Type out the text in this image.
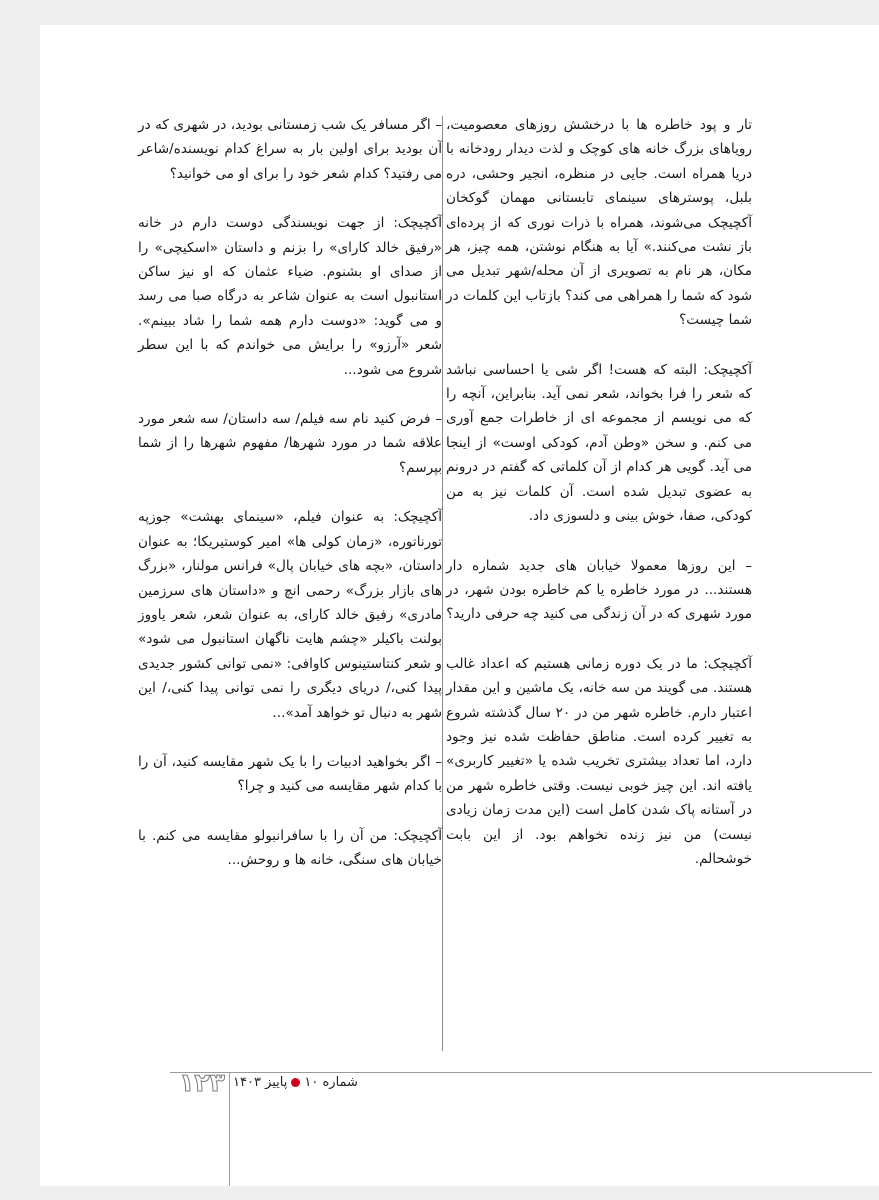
تار و پود خاطره ها با درخشش روزهای معصومیت، رویاهای بزرگ خانه های کوچک و لذت دیدار رودخانه با دریا همراه است. جایی در منظره، انجیر وحشی، دره بلبل، پوسترهای سینمای تابستانی مهمان گوکخان آکچیچک می‌شوند، همراه با ذرات نوری که از پرده‌ای باز نشت می‌کنند.» آیا به هنگام نوشتن، همه چیز، هر مکان، هر نام به تصویری از آن محله/شهر تبدیل می شود که شما را همراهی می کند؟ بازتاب این کلمات در شما چیست؟

آکچیچک: البته که هست! اگر شی یا احساسی نباشد که شعر را فرا بخواند، شعر نمی آید. بنابراین، آنچه را که می نویسم از مجموعه ای از خاطرات جمع آوری می کنم. و سخن «وطن آدم، کودکی اوست» از اینجا می آید. گویی هر کدام از آن کلماتی که گفتم در درونم به عضوی تبدیل شده است. آن کلمات نیز به من کودکی، صفا، خوش بینی و دلسوزی داد.

– این روزها معمولا خیابان های جدید شماره دار هستند... در مورد خاطره یا کم خاطره بودن شهر، در مورد شهری که در آن زندگی می کنید چه حرفی دارید؟

آکچیچک: ما در یک دوره زمانی هستیم که اعداد غالب هستند. می گویند من سه خانه، یک ماشین و این مقدار اعتبار دارم. خاطره شهر من در ۲۰ سال گذشته شروع به تغییر کرده است. مناطق حفاظت شده نیز وجود دارد، اما تعداد بیشتری تخریب شده یا «تغییر کاربری» یافته اند. این چیز خوبی نیست. وقتی خاطره شهر من در آستانه پاک شدن کامل است (این مدت زمان زیادی نیست) من نیز زنده نخواهم بود. از این بابت خوشحالم.

– اگر مسافر یک شب زمستانی بودید، در شهری که در آن بودید برای اولین بار به سراغ کدام نویسنده/شاعر می رفتید؟ کدام شعر خود را برای او می خوانید؟

آکچیچک: از جهت نویسندگی دوست دارم در خانه «رفیق خالد کارای» را بزنم و داستان «اسکیچی» را از صدای او بشنوم. ضیاء عثمان که او نیز ساکن استانبول است به عنوان شاعر به درگاه صبا می رسد و می گوید: «دوست دارم همه شما را شاد ببینم». شعر «آرزو» را برایش می خواندم که با این سطر شروع می شود...

– فرض کنید نام سه فیلم/ سه داستان/ سه شعر مورد علاقه شما در مورد شهرها/ مفهوم شهرها را از شما بپرسم؟

آکچیچک: به عنوان فیلم، «سینمای بهشت» جوزپه تورناتوره، «زمان کولی ها» امیر کوستیریکا؛ به عنوان داستان، «بچه های خیابان پال» فرانس مولنار، «بزرگ های بازار بزرگ» رحمی انچ و «داستان های سرزمین مادری» رفیق خالد کارای، به عنوان شعر، شعر یاووز بولنت باکیلر «چشم هایت ناگهان استانبول می شود» و شعر کنتاستینوس کاوافی: «نمی توانی کشور جدیدی پیدا کنی،/ دریای دیگری را نمی توانی پیدا کنی،/ این شهر به دنبال تو خواهد آمد»...

– اگر بخواهید ادبیات را با یک شهر مقایسه کنید، آن را با کدام شهر مقایسه می کنید و چرا؟

آکچیچک: من آن را با سافرانبولو مقایسه می کنم. با خیابان های سنگی، خانه ها و روحش...

۱۲۳	شماره ۱۰
پاییز ۱۴۰۳
